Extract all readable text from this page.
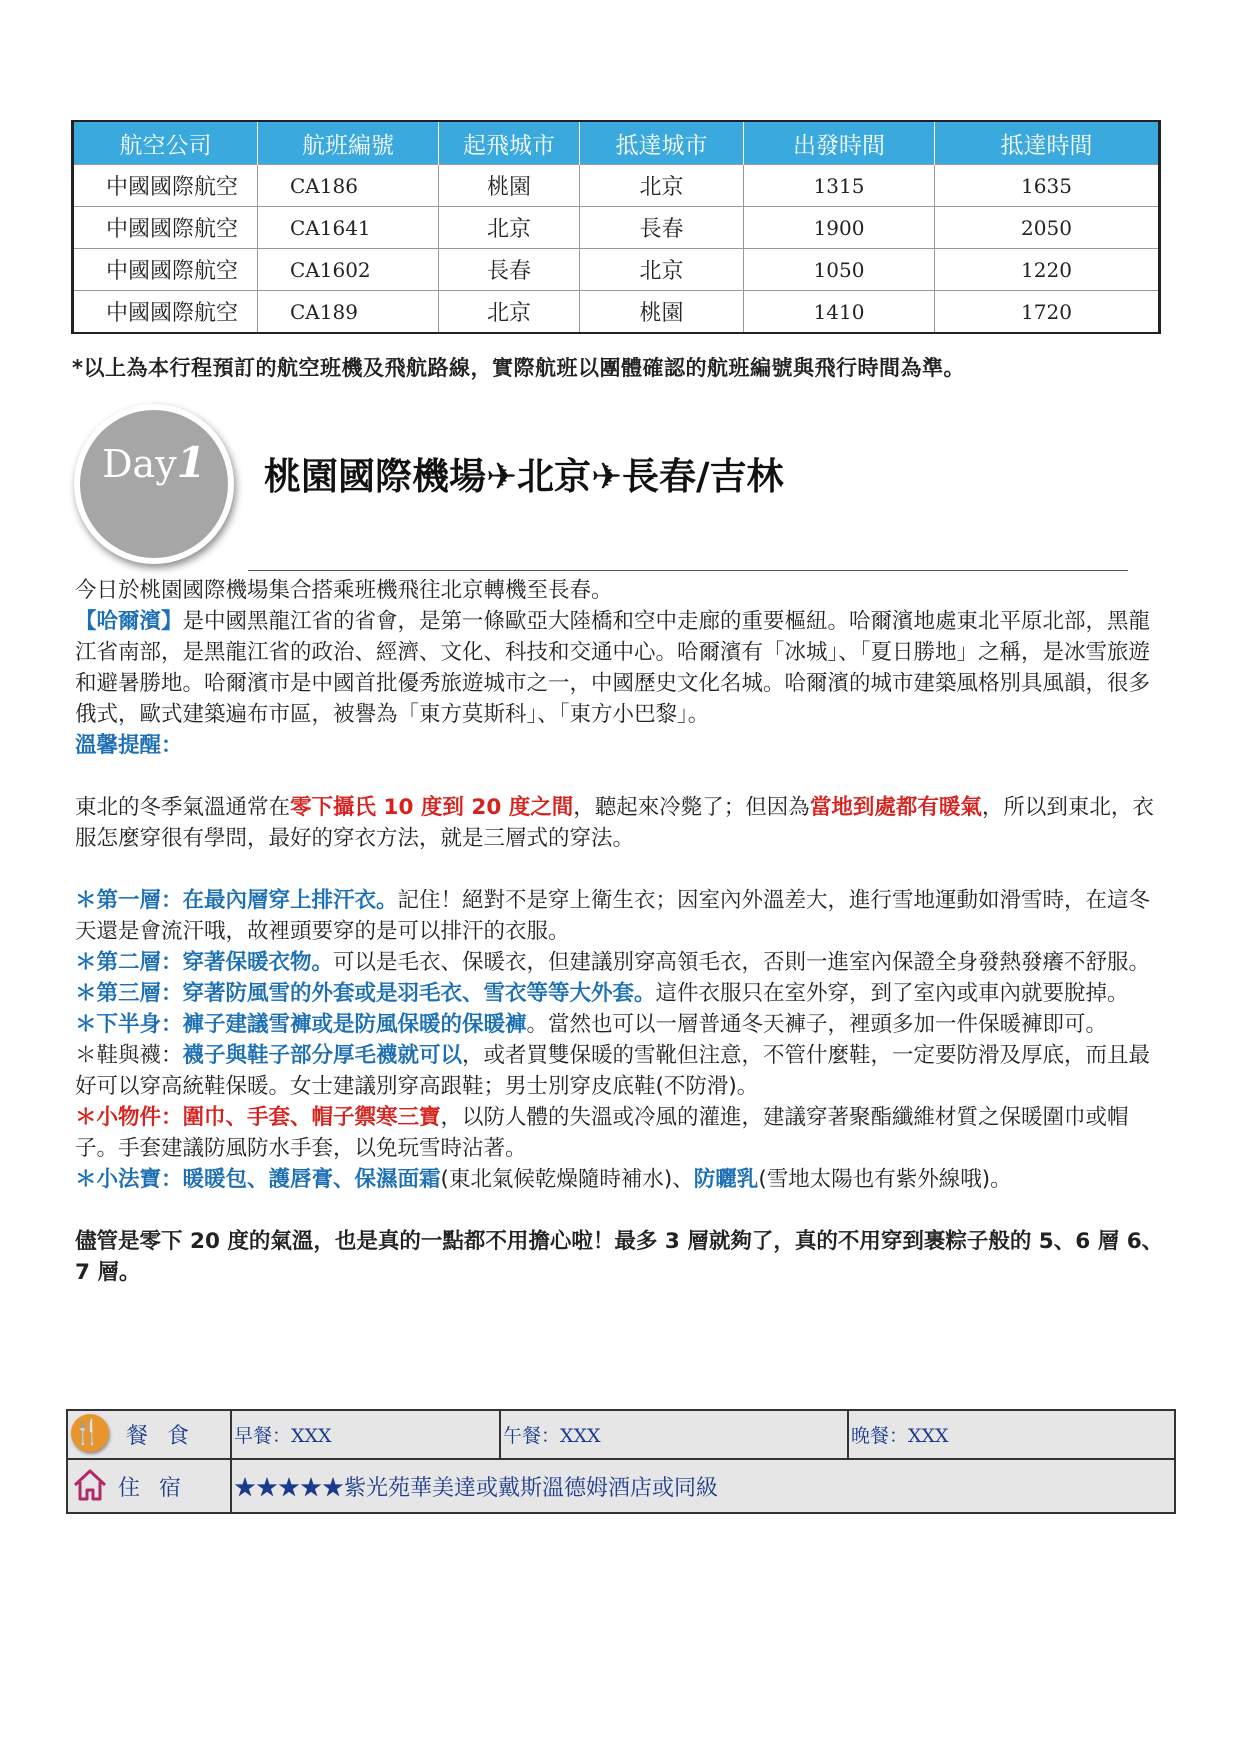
航空公司	航班編號	起飛城市	抵達城市	出發時間	抵達時間
中國國際航空	CA186	桃園	北京	1315	1635
中國國際航空	CA1641	北京	長春	1900	2050
中國國際航空	CA1602	長春	北京	1050	1220
中國國際航空	CA189	北京	桃園	1410	1720
*以上為本行程預訂的航空班機及飛航路線，實際航班以團體確認的航班編號與飛行時間為準。
Day1	桃園國際機場✈北京✈長春/吉林

今日於桃園國際機場集合搭乘班機飛往北京轉機至長春。

【哈爾濱】是中國黑龍江省的省會，是第一條歐亞大陸橋和空中走廊的重要樞紐。哈爾濱地處東北平原北部，黑龍江省南部，是黑龍江省的政治、經濟、文化、科技和交通中心。哈爾濱有「冰城」、「夏日勝地」之稱，是冰雪旅遊和避暑勝地。哈爾濱市是中國首批優秀旅遊城市之一，中國歷史文化名城。哈爾濱的城市建築風格別具風韻，很多俄式，歐式建築遍布市區，被譽為「東方莫斯科」、「東方小巴黎」。

溫馨提醒：

東北的冬季氣溫通常在零下攝氏 10 度到 20 度之間，聽起來冷斃了；但因為當地到處都有暖氣，所以到東北，衣服怎麼穿很有學問，最好的穿衣方法，就是三層式的穿法。

＊第一層：在最內層穿上排汗衣。記住！絕對不是穿上衛生衣；因室內外溫差大，進行雪地運動如滑雪時，在這冬天還是會流汗哦，故裡頭要穿的是可以排汗的衣服。

＊第二層：穿著保暖衣物。可以是毛衣、保暖衣，但建議別穿高領毛衣，否則一進室內保證全身發熱發癢不舒服。

＊第三層：穿著防風雪的外套或是羽毛衣、雪衣等等大外套。這件衣服只在室外穿，到了室內或車內就要脫掉。

＊下半身：褲子建議雪褲或是防風保暖的保暖褲。當然也可以一層普通冬天褲子，裡頭多加一件保暖褲即可。

＊鞋與襪：襪子與鞋子部分厚毛襪就可以，或者買雙保暖的雪靴但注意，不管什麼鞋，一定要防滑及厚底，而且最好可以穿高統鞋保暖。女士建議別穿高跟鞋；男士別穿皮底鞋(不防滑)。

＊小物件：圍巾、手套、帽子禦寒三寶，以防人體的失溫或冷風的灌進，建議穿著聚酯纖維材質之保暖圍巾或帽子。手套建議防風防水手套，以免玩雪時沾著。

＊小法寶：暖暖包、護唇膏、保濕面霜(東北氣候乾燥隨時補水)、防曬乳(雪地太陽也有紫外線哦)。

儘管是零下 20 度的氣溫，也是真的一點都不用擔心啦！最多 3 層就夠了，真的不用穿到裹粽子般的 5、6 層 6、7 層。

🍴 餐 食	早餐：XXX	午餐：XXX	晚餐：XXX

住 宿	★★★★★紫光苑華美達或戴斯溫德姆酒店或同級		
